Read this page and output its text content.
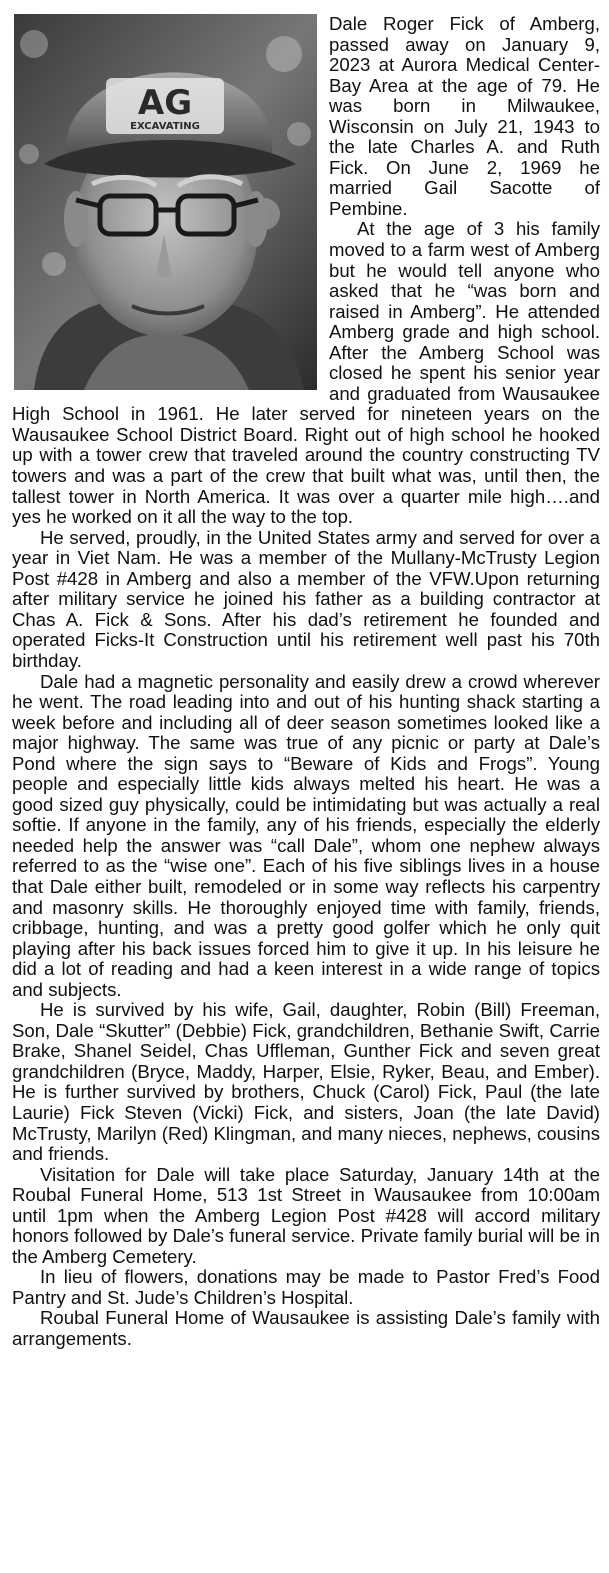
AG
EXCAVATING

Dale Roger Fick of Amberg, passed away on January 9, 2023 at Aurora Medical Center- Bay Area at the age of 79. He was born in Milwaukee, Wisconsin on July 21, 1943 to the late Charles A. and Ruth Fick. On June 2, 1969 he married Gail Sacotte of Pembine.

At the age of 3 his family moved to a farm west of Amberg but he would tell anyone who asked that he “was born and raised in Amberg”. He attended Amberg grade and high school. After the Amberg School was closed he spent his senior year and graduated from Wausaukee High School in 1961. He later served for nineteen years on the Wausaukee School District Board. Right out of high school he hooked up with a tower crew that traveled around the country constructing TV towers and was a part of the crew that built what was, until then, the tallest tower in North America. It was over a quarter mile high….and yes he worked on it all the way to the top.

He served, proudly, in the United States army and served for over a year in Viet Nam. He was a member of the Mullany-McTrusty Legion Post #428 in Amberg and also a member of the VFW.Upon returning after military service he joined his father as a building contractor at Chas A. Fick & Sons. After his dad’s retirement he founded and operated Ficks-It Construction until his retirement well past his 70th birthday.

Dale had a magnetic personality and easily drew a crowd wherever he went. The road leading into and out of his hunting shack starting a week before and including all of deer season sometimes looked like a major highway. The same was true of any picnic or party at Dale’s Pond where the sign says to “Beware of Kids and Frogs”. Young people and especially little kids always melted his heart. He was a good sized guy physically, could be intimidating but was actually a real softie. If anyone in the family, any of his friends, especially the elderly needed help the answer was “call Dale”, whom one nephew always referred to as the “wise one”. Each of his five siblings lives in a house that Dale either built, remodeled or in some way reflects his carpentry and masonry skills. He thoroughly enjoyed time with family, friends, cribbage, hunting, and was a pretty good golfer which he only quit playing after his back issues forced him to give it up. In his leisure he did a lot of reading and had a keen interest in a wide range of topics and subjects.

He is survived by his wife, Gail, daughter, Robin (Bill) Freeman, Son, Dale “Skutter” (Debbie) Fick, grandchildren, Bethanie Swift, Carrie Brake, Shanel Seidel, Chas Uffleman, Gunther Fick and seven great grandchildren (Bryce, Maddy, Harper, Elsie, Ryker, Beau, and Ember). He is further survived by brothers, Chuck (Carol) Fick, Paul (the late Laurie) Fick Steven (Vicki) Fick, and sisters, Joan (the late David) McTrusty, Marilyn (Red) Klingman, and many nieces, nephews, cousins and friends.

Visitation for Dale will take place Saturday, January 14th at the Roubal Funeral Home, 513 1st Street in Wausaukee from 10:00am until 1pm when the Amberg Legion Post #428 will accord military honors followed by Dale’s funeral service. Private family burial will be in the Amberg Cemetery.

In lieu of flowers, donations may be made to Pastor Fred’s Food Pantry and St. Jude’s Children’s Hospital.

Roubal Funeral Home of Wausaukee is assisting Dale’s family with arrangements.
